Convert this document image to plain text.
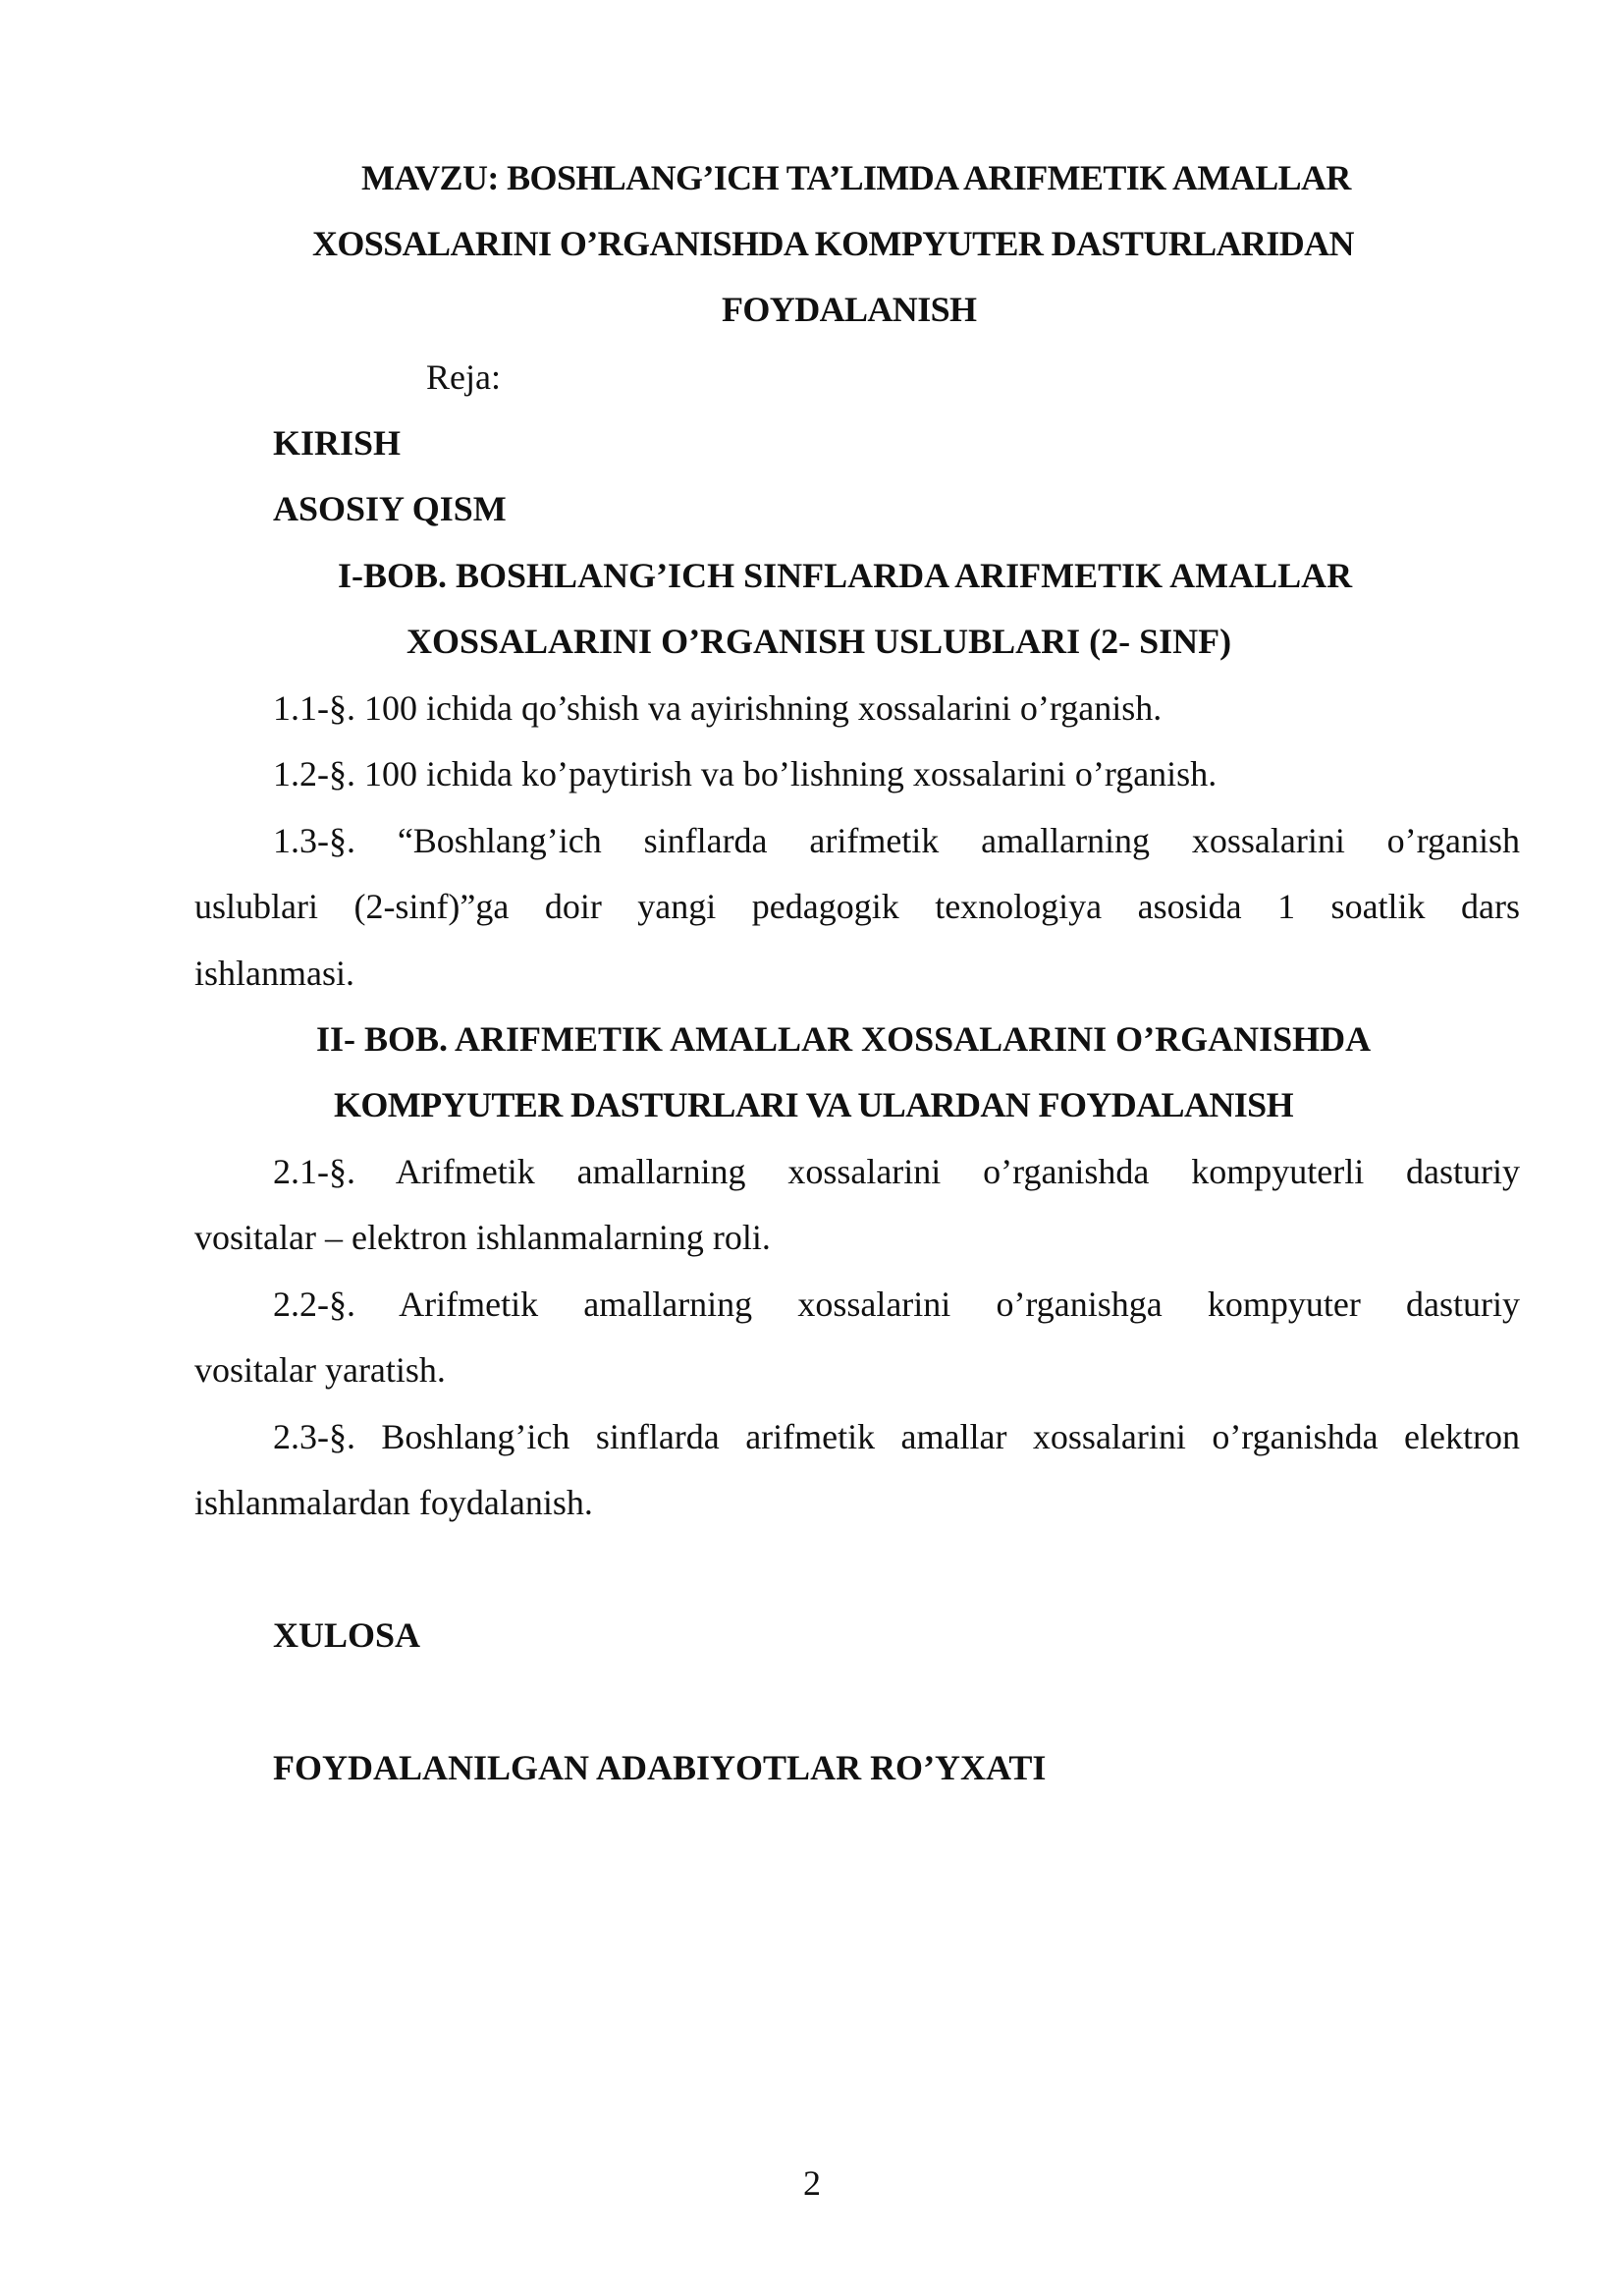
MAVZU: BOSHLANG’ICH TA’LIMDA ARIFMETIK AMALLAR
XOSSALARINI O’RGANISHDA KOMPYUTER DASTURLARIDAN
FOYDALANISH
Reja:
KIRISH
ASOSIY QISM
I-BOB. BOSHLANG’ICH SINFLARDA ARIFMETIK AMALLAR
XOSSALARINI O’RGANISH USLUBLARI (2- SINF)
1.1-§. 100 ichida qo’shish va ayirishning xossalarini o’rganish.
1.2-§. 100 ichida ko’paytirish va bo’lishning xossalarini o’rganish.
1.3-§. “Boshlang’ich sinflarda arifmetik amallarning xossalarini o’rganish
uslublari (2-sinf)”ga doir yangi pedagogik texnologiya asosida 1 soatlik dars
ishlanmasi.
II- BOB. ARIFMETIK AMALLAR XOSSALARINI O’RGANISHDA
KOMPYUTER DASTURLARI VA ULARDAN FOYDALANISH
2.1-§. Arifmetik amallarning xossalarini o’rganishda kompyuterli dasturiy
vositalar – elektron ishlanmalarning roli.
2.2-§. Arifmetik amallarning xossalarini o’rganishga kompyuter dasturiy
vositalar yaratish.
2.3-§. Boshlang’ich sinflarda arifmetik amallar xossalarini o’rganishda elektron
ishlanmalardan foydalanish.
XULOSA
FOYDALANILGAN ADABIYOTLAR RO’YXATI
2
